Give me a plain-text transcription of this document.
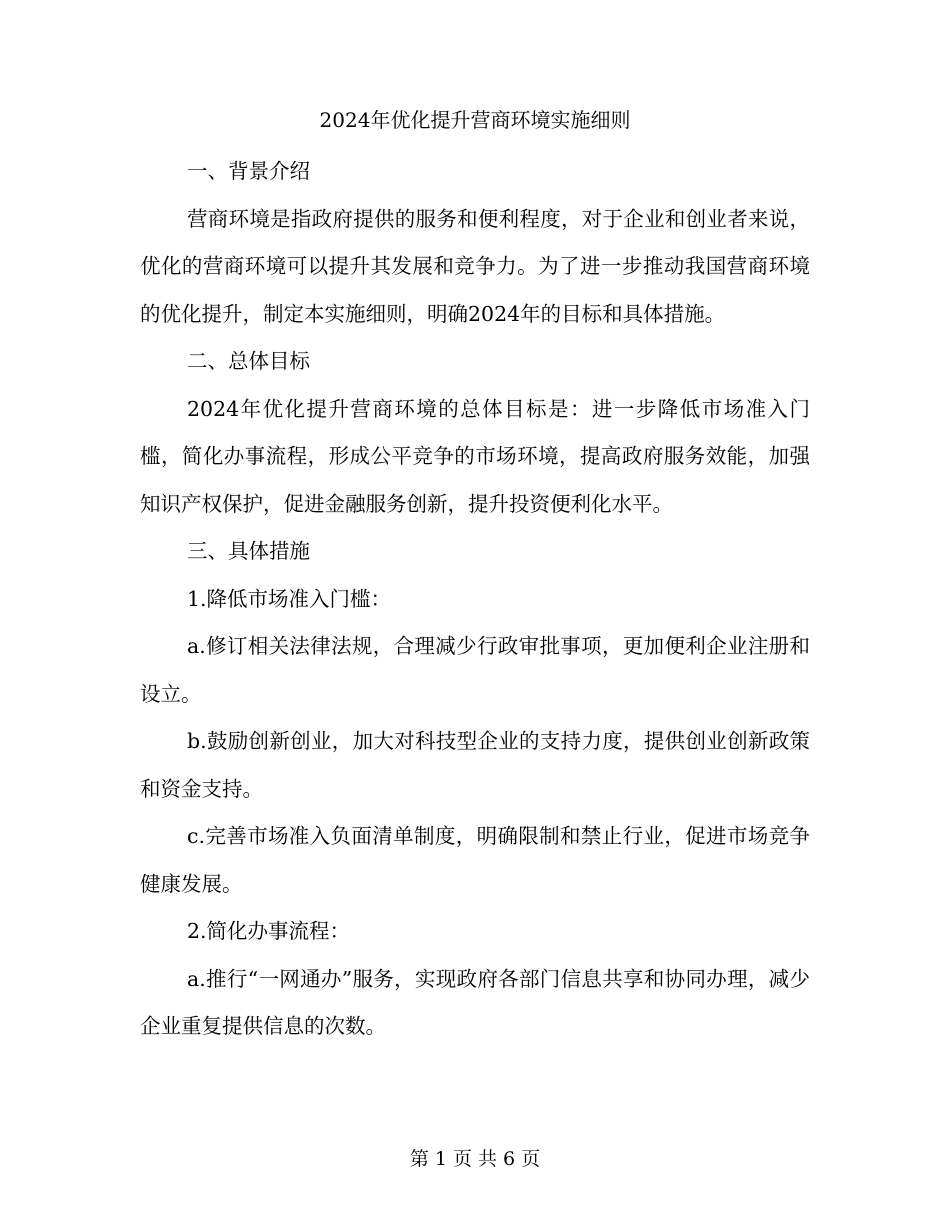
2024年优化提升营商环境实施细则

一、背景介绍

营商环境是指政府提供的服务和便利程度，对于企业和创业者来说，优化的营商环境可以提升其发展和竞争力。为了进一步推动我国营商环境的优化提升，制定本实施细则，明确2024年的目标和具体措施。

二、总体目标

2024年优化提升营商环境的总体目标是：进一步降低市场准入门槛，简化办事流程，形成公平竞争的市场环境，提高政府服务效能，加强知识产权保护，促进金融服务创新，提升投资便利化水平。

三、具体措施

1.降低市场准入门槛：

a.修订相关法律法规，合理减少行政审批事项，更加便利企业注册和设立。

b.鼓励创新创业，加大对科技型企业的支持力度，提供创业创新政策和资金支持。

c.完善市场准入负面清单制度，明确限制和禁止行业，促进市场竞争健康发展。

2.简化办事流程：

a.推行“一网通办”服务，实现政府各部门信息共享和协同办理，减少企业重复提供信息的次数。

第 1 页 共 6 页
